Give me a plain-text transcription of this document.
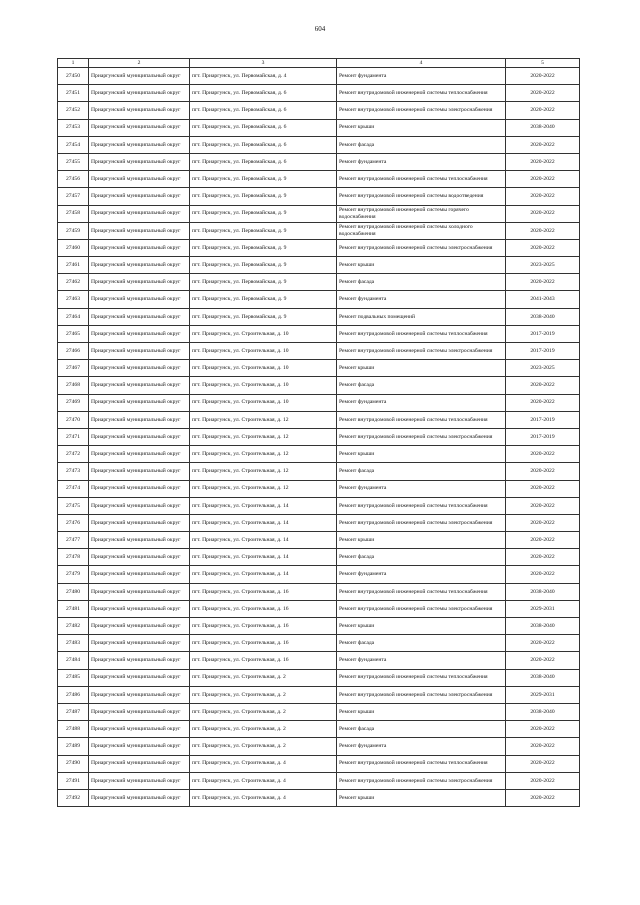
604
1	2	3	4	5
27450	Приаргунский муниципальный округ	пгт. Приаргунск, ул. Первомайская, д. 4	Ремонт фундамента	2020-2022
27451	Приаргунский муниципальный округ	пгт. Приаргунск, ул. Первомайская, д. 6	Ремонт внутридомовой инженерной системы теплоснабжения	2020-2022
27452	Приаргунский муниципальный округ	пгт. Приаргунск, ул. Первомайская, д. 6	Ремонт внутридомовой инженерной системы электроснабжения	2020-2022
27453	Приаргунский муниципальный округ	пгт. Приаргунск, ул. Первомайская, д. 6	Ремонт крыши	2038-2040
27454	Приаргунский муниципальный округ	пгт. Приаргунск, ул. Первомайская, д. 6	Ремонт фасада	2020-2022
27455	Приаргунский муниципальный округ	пгт. Приаргунск, ул. Первомайская, д. 6	Ремонт фундамента	2020-2022
27456	Приаргунский муниципальный округ	пгт. Приаргунск, ул. Первомайская, д. 9	Ремонт внутридомовой инженерной системы теплоснабжения	2020-2022
27457	Приаргунский муниципальный округ	пгт. Приаргунск, ул. Первомайская, д. 9	Ремонт внутридомовой инженерной системы водоотведения	2020-2022
27458	Приаргунский муниципальный округ	пгт. Приаргунск, ул. Первомайская, д. 9	Ремонт внутридомовой инженерной системы горячего водоснабжения	2020-2022
27459	Приаргунский муниципальный округ	пгт. Приаргунск, ул. Первомайская, д. 9	Ремонт внутридомовой инженерной системы холодного водоснабжения	2020-2022
27460	Приаргунский муниципальный округ	пгт. Приаргунск, ул. Первомайская, д. 9	Ремонт внутридомовой инженерной системы электроснабжения	2020-2022
27461	Приаргунский муниципальный округ	пгт. Приаргунск, ул. Первомайская, д. 9	Ремонт крыши	2023-2025
27462	Приаргунский муниципальный округ	пгт. Приаргунск, ул. Первомайская, д. 9	Ремонт фасада	2020-2022
27463	Приаргунский муниципальный округ	пгт. Приаргунск, ул. Первомайская, д. 9	Ремонт фундамента	2041-2043
27464	Приаргунский муниципальный округ	пгт. Приаргунск, ул. Первомайская, д. 9	Ремонт подвальных помещений	2038-2040
27465	Приаргунский муниципальный округ	пгт. Приаргунск, ул. Строительная, д. 10	Ремонт внутридомовой инженерной системы теплоснабжения	2017-2019
27466	Приаргунский муниципальный округ	пгт. Приаргунск, ул. Строительная, д. 10	Ремонт внутридомовой инженерной системы электроснабжения	2017-2019
27467	Приаргунский муниципальный округ	пгт. Приаргунск, ул. Строительная, д. 10	Ремонт крыши	2023-2025
27468	Приаргунский муниципальный округ	пгт. Приаргунск, ул. Строительная, д. 10	Ремонт фасада	2020-2022
27469	Приаргунский муниципальный округ	пгт. Приаргунск, ул. Строительная, д. 10	Ремонт фундамента	2020-2022
27470	Приаргунский муниципальный округ	пгт. Приаргунск, ул. Строительная, д. 12	Ремонт внутридомовой инженерной системы теплоснабжения	2017-2019
27471	Приаргунский муниципальный округ	пгт. Приаргунск, ул. Строительная, д. 12	Ремонт внутридомовой инженерной системы электроснабжения	2017-2019
27472	Приаргунский муниципальный округ	пгт. Приаргунск, ул. Строительная, д. 12	Ремонт крыши	2020-2022
27473	Приаргунский муниципальный округ	пгт. Приаргунск, ул. Строительная, д. 12	Ремонт фасада	2020-2022
27474	Приаргунский муниципальный округ	пгт. Приаргунск, ул. Строительная, д. 12	Ремонт фундамента	2020-2022
27475	Приаргунский муниципальный округ	пгт. Приаргунск, ул. Строительная, д. 14	Ремонт внутридомовой инженерной системы теплоснабжения	2020-2022
27476	Приаргунский муниципальный округ	пгт. Приаргунск, ул. Строительная, д. 14	Ремонт внутридомовой инженерной системы электроснабжения	2020-2022
27477	Приаргунский муниципальный округ	пгт. Приаргунск, ул. Строительная, д. 14	Ремонт крыши	2020-2022
27478	Приаргунский муниципальный округ	пгт. Приаргунск, ул. Строительная, д. 14	Ремонт фасада	2020-2022
27479	Приаргунский муниципальный округ	пгт. Приаргунск, ул. Строительная, д. 14	Ремонт фундамента	2020-2022
27480	Приаргунский муниципальный округ	пгт. Приаргунск, ул. Строительная, д. 16	Ремонт внутридомовой инженерной системы теплоснабжения	2038-2040
27481	Приаргунский муниципальный округ	пгт. Приаргунск, ул. Строительная, д. 16	Ремонт внутридомовой инженерной системы электроснабжения	2029-2031
27482	Приаргунский муниципальный округ	пгт. Приаргунск, ул. Строительная, д. 16	Ремонт крыши	2038-2040
27483	Приаргунский муниципальный округ	пгт. Приаргунск, ул. Строительная, д. 16	Ремонт фасада	2020-2022
27484	Приаргунский муниципальный округ	пгт. Приаргунск, ул. Строительная, д. 16	Ремонт фундамента	2020-2022
27485	Приаргунский муниципальный округ	пгт. Приаргунск, ул. Строительная, д. 2	Ремонт внутридомовой инженерной системы теплоснабжения	2038-2040
27486	Приаргунский муниципальный округ	пгт. Приаргунск, ул. Строительная, д. 2	Ремонт внутридомовой инженерной системы электроснабжения	2029-2031
27487	Приаргунский муниципальный округ	пгт. Приаргунск, ул. Строительная, д. 2	Ремонт крыши	2038-2040
27488	Приаргунский муниципальный округ	пгт. Приаргунск, ул. Строительная, д. 2	Ремонт фасада	2020-2022
27489	Приаргунский муниципальный округ	пгт. Приаргунск, ул. Строительная, д. 2	Ремонт фундамента	2020-2022
27490	Приаргунский муниципальный округ	пгт. Приаргунск, ул. Строительная, д. 4	Ремонт внутридомовой инженерной системы теплоснабжения	2020-2022
27491	Приаргунский муниципальный округ	пгт. Приаргунск, ул. Строительная, д. 4	Ремонт внутридомовой инженерной системы электроснабжения	2020-2022
27492	Приаргунский муниципальный округ	пгт. Приаргунск, ул. Строительная, д. 4	Ремонт крыши	2020-2022
